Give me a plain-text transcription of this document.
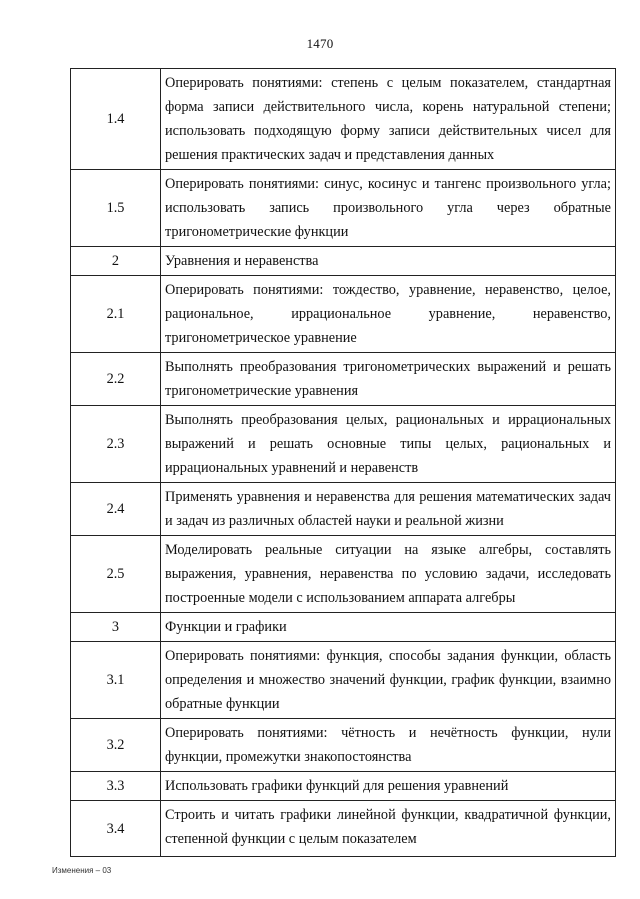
1470
1.4	Оперировать понятиями: степень с целым показателем, стандартная форма записи действительного числа, корень натуральной степени; использовать подходящую форму записи действительных чисел для решения практических задач и представления данных
1.5	Оперировать понятиями: синус, косинус и тангенс произвольного угла; использовать запись произвольного угла через обратные тригонометрические функции
2	Уравнения и неравенства
2.1	Оперировать понятиями: тождество, уравнение, неравенство, целое, рациональное, иррациональное уравнение, неравенство, тригонометрическое уравнение
2.2	Выполнять преобразования тригонометрических выражений и решать тригонометрические уравнения
2.3	Выполнять преобразования целых, рациональных и иррациональных выражений и решать основные типы целых, рациональных и иррациональных уравнений и неравенств
2.4	Применять уравнения и неравенства для решения математических задач и задач из различных областей науки и реальной жизни
2.5	Моделировать реальные ситуации на языке алгебры, составлять выражения, уравнения, неравенства по условию задачи, исследовать построенные модели с использованием аппарата алгебры
3	Функции и графики
3.1	Оперировать понятиями: функция, способы задания функции, область определения и множество значений функции, график функции, взаимно обратные функции
3.2	Оперировать понятиями: чётность и нечётность функции, нули функции, промежутки знакопостоянства
3.3	Использовать графики функций для решения уравнений
3.4	Строить и читать графики линейной функции, квадратичной функции, степенной функции с целым показателем
Изменения – 03
